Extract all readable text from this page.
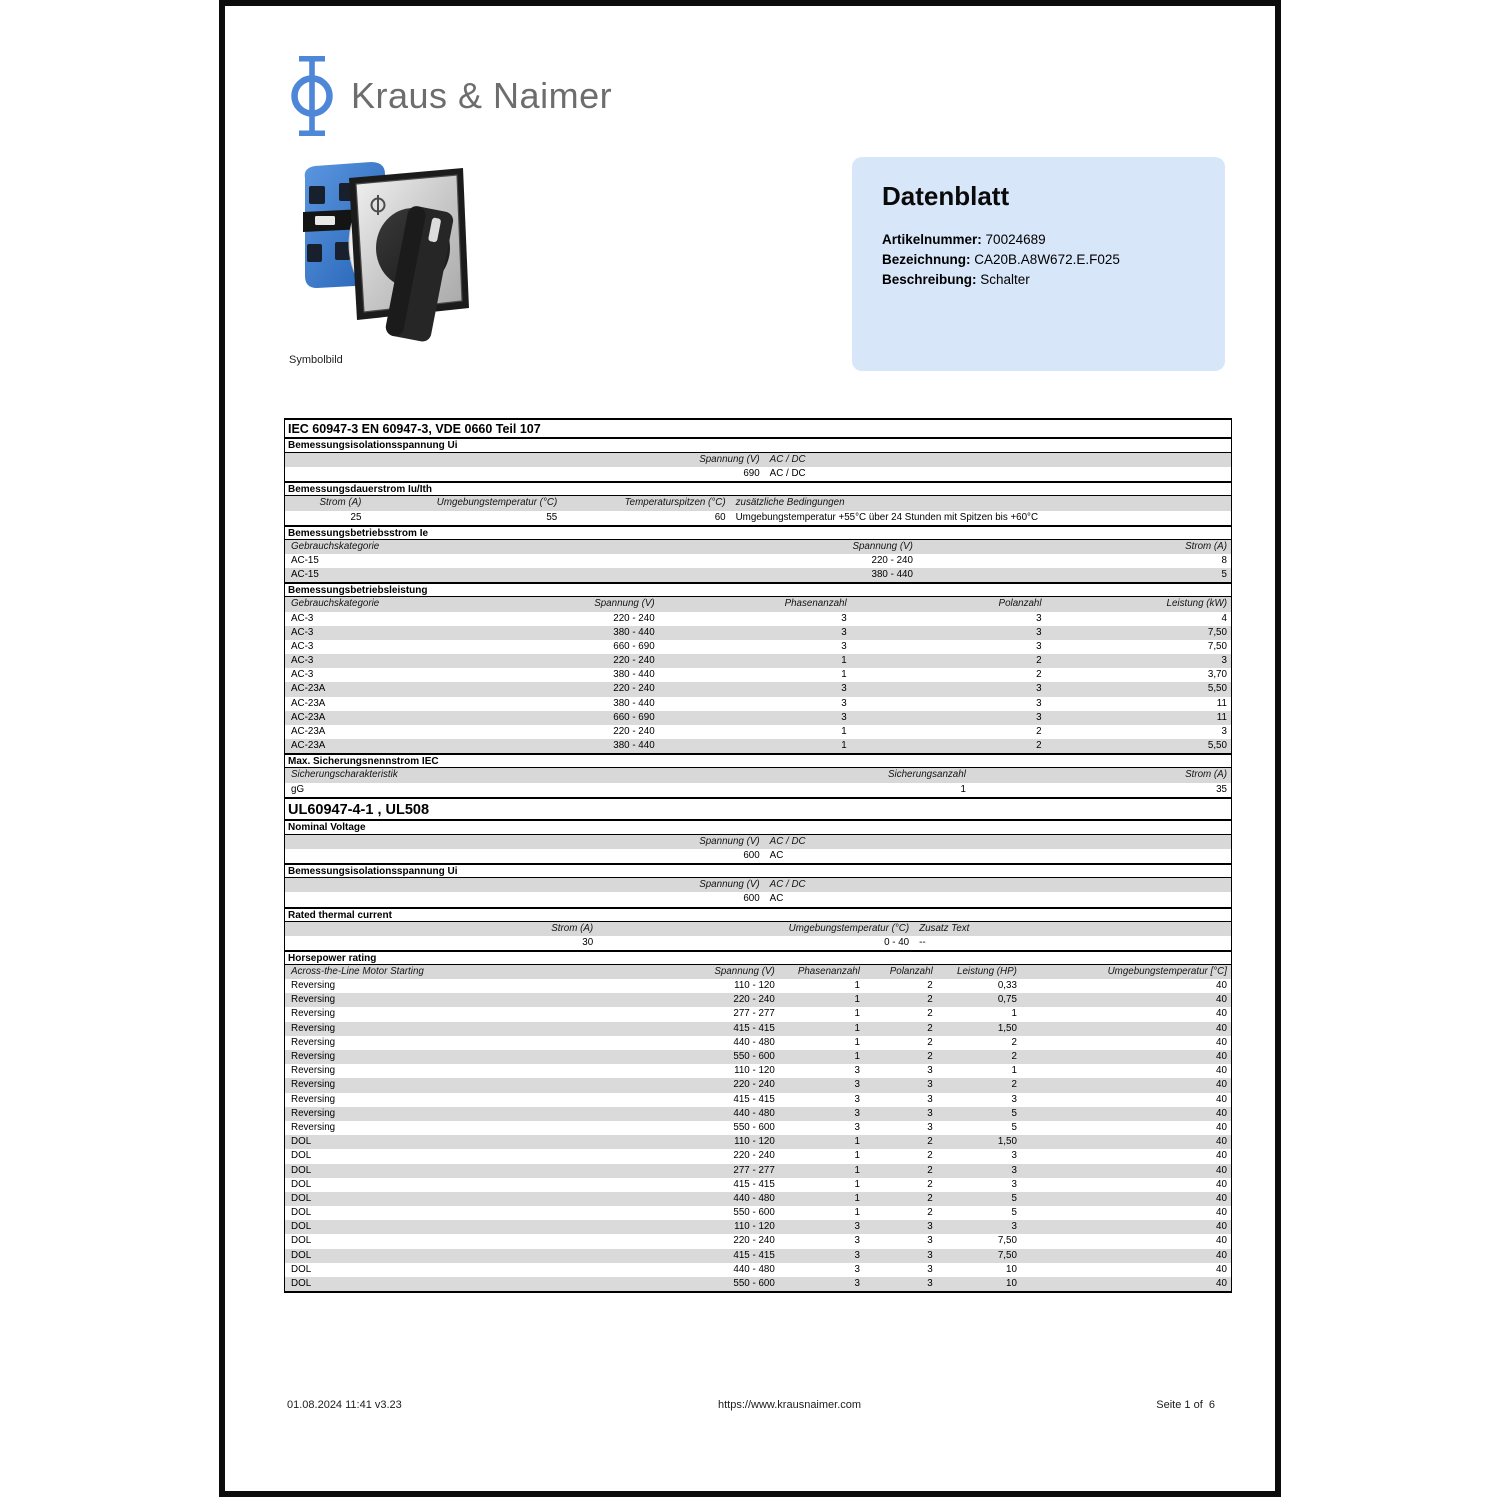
Kraus & Naimer
Symbolbild
Datenblatt
Artikelnummer: 70024689
Bezeichnung: CA20B.A8W672.E.F025
Beschreibung: Schalter
IEC 60947-3 EN 60947-3, VDE 0660 Teil 107
Bemessungsisolationsspannung Ui
Spannung (V)	AC / DC
690	AC / DC
Bemessungsdauerstrom Iu/Ith
Strom (A)	Umgebungstemperatur (°C)	Temperaturspitzen (°C)	zusätzliche Bedingungen
25	55	60	Umgebungstemperatur +55°C über 24 Stunden mit Spitzen bis +60°C
Bemessungsbetriebsstrom Ie
Gebrauchskategorie	Spannung (V)	Strom (A)
AC-15	220 - 240	8
AC-15	380 - 440	5
Bemessungsbetriebsleistung
Gebrauchskategorie	Spannung (V)	Phasenanzahl	Polanzahl	Leistung (kW)
AC-3	220 - 240	3	3	4
AC-3	380 - 440	3	3	7,50
AC-3	660 - 690	3	3	7,50
AC-3	220 - 240	1	2	3
AC-3	380 - 440	1	2	3,70
AC-23A	220 - 240	3	3	5,50
AC-23A	380 - 440	3	3	11
AC-23A	660 - 690	3	3	11
AC-23A	220 - 240	1	2	3
AC-23A	380 - 440	1	2	5,50
Max. Sicherungsnennstrom IEC
Sicherungscharakteristik	Sicherungsanzahl	Strom (A)
gG	1	35
UL60947-4-1 , UL508
Nominal Voltage
Spannung (V)	AC / DC
600	AC
Bemessungsisolationsspannung Ui
Spannung (V)	AC / DC
600	AC
Rated thermal current
Strom (A)	Umgebungstemperatur (°C)	Zusatz Text
30	0 - 40	--
Horsepower rating
Across-the-Line Motor Starting	Spannung (V)	Phasenanzahl	Polanzahl	Leistung (HP)	Umgebungstemperatur [°C]
Reversing	110 - 120	1	2	0,33	40
Reversing	220 - 240	1	2	0,75	40
Reversing	277 - 277	1	2	1	40
Reversing	415 - 415	1	2	1,50	40
Reversing	440 - 480	1	2	2	40
Reversing	550 - 600	1	2	2	40
Reversing	110 - 120	3	3	1	40
Reversing	220 - 240	3	3	2	40
Reversing	415 - 415	3	3	3	40
Reversing	440 - 480	3	3	5	40
Reversing	550 - 600	3	3	5	40
DOL	110 - 120	1	2	1,50	40
DOL	220 - 240	1	2	3	40
DOL	277 - 277	1	2	3	40
DOL	415 - 415	1	2	3	40
DOL	440 - 480	1	2	5	40
DOL	550 - 600	1	2	5	40
DOL	110 - 120	3	3	3	40
DOL	220 - 240	3	3	7,50	40
DOL	415 - 415	3	3	7,50	40
DOL	440 - 480	3	3	10	40
DOL	550 - 600	3	3	10	40
01.08.2024 11:41 v3.23	https://www.krausnaimer.com	Seite 1 of  6
